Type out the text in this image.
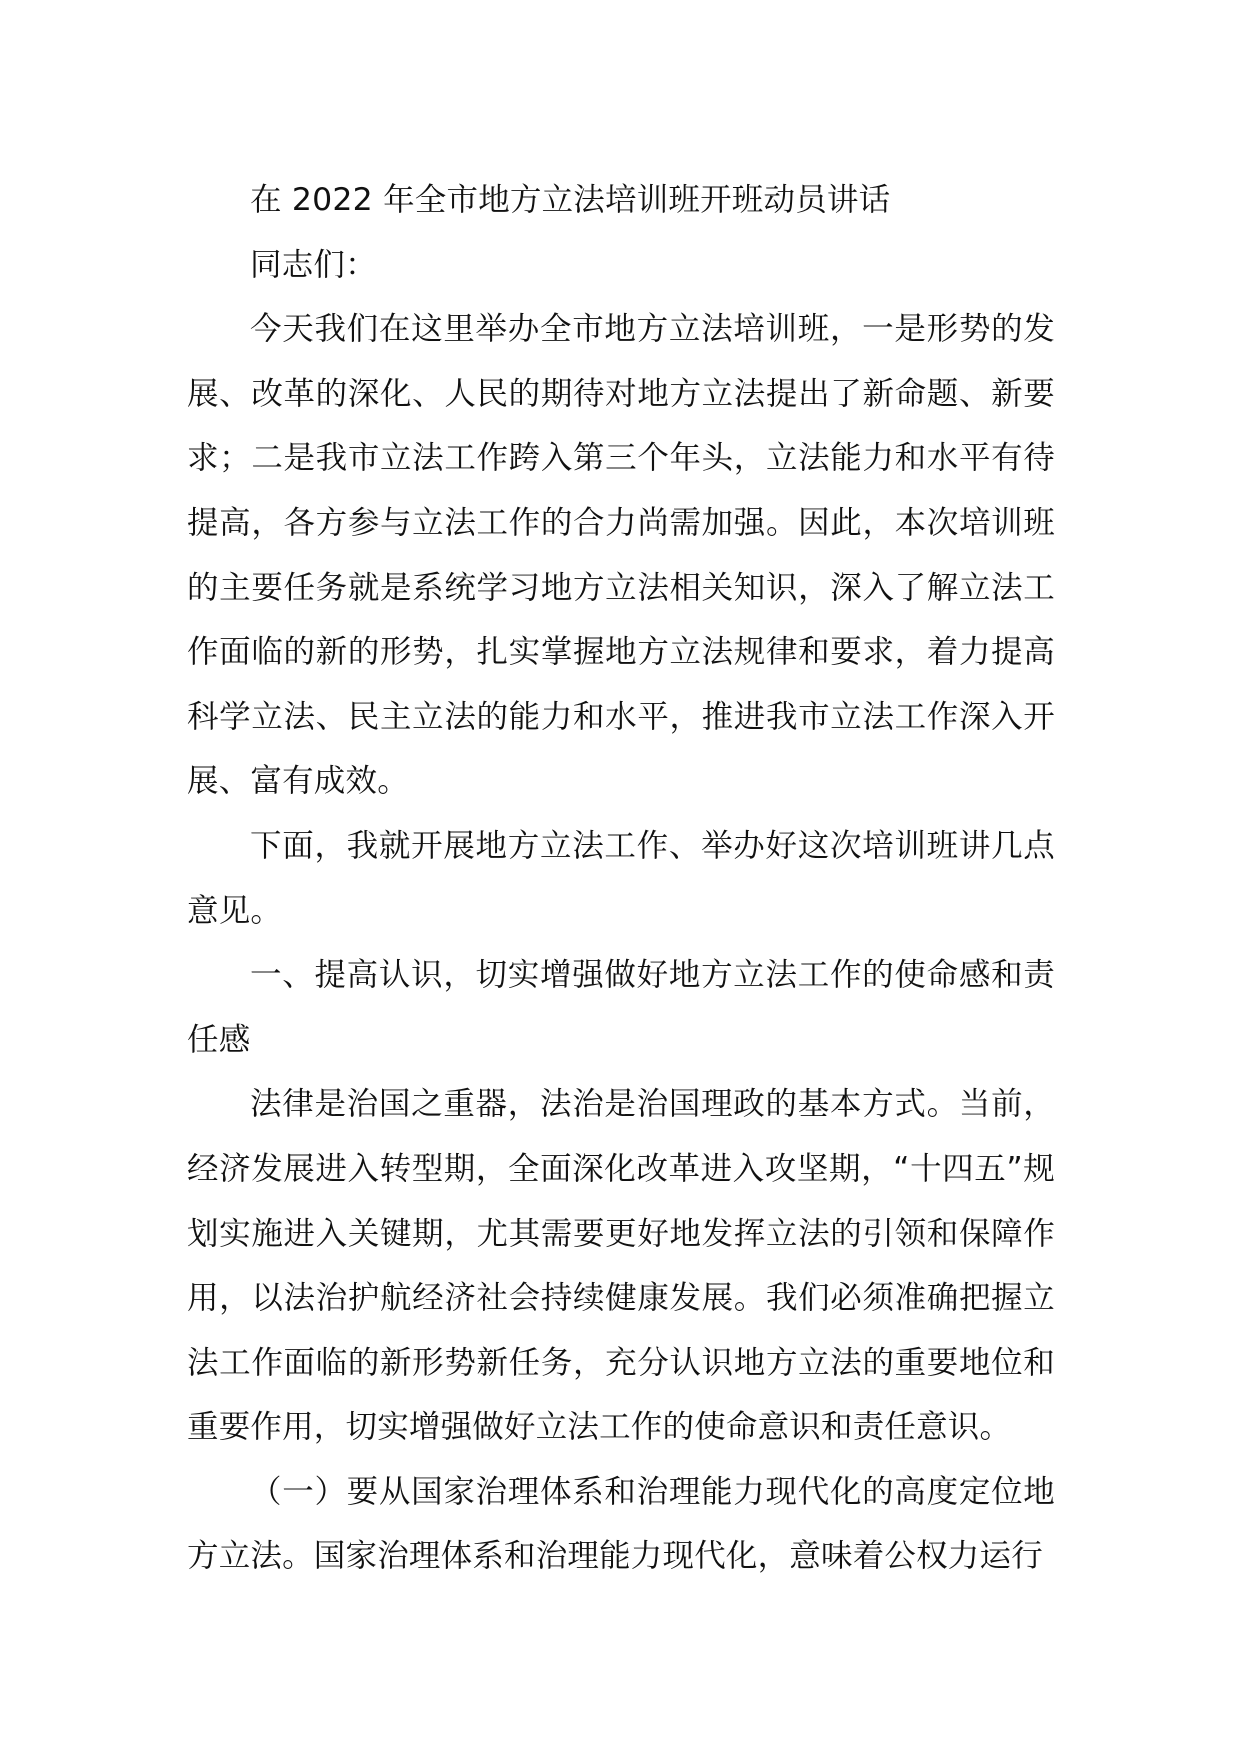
在 2022 年全市地方立法培训班开班动员讲话

同志们：

今天我们在这里举办全市地方立法培训班，一是形势的发展、改革的深化、人民的期待对地方立法提出了新命题、新要求；二是我市立法工作跨入第三个年头，立法能力和水平有待提高，各方参与立法工作的合力尚需加强。因此，本次培训班的主要任务就是系统学习地方立法相关知识，深入了解立法工作面临的新的形势，扎实掌握地方立法规律和要求，着力提高科学立法、民主立法的能力和水平，推进我市立法工作深入开展、富有成效。

下面，我就开展地方立法工作、举办好这次培训班讲几点意见。

一、提高认识，切实增强做好地方立法工作的使命感和责任感

法律是治国之重器，法治是治国理政的基本方式。当前，经济发展进入转型期，全面深化改革进入攻坚期，“十四五”规划实施进入关键期，尤其需要更好地发挥立法的引领和保障作用，以法治护航经济社会持续健康发展。我们必须准确把握立法工作面临的新形势新任务，充分认识地方立法的重要地位和重要作用，切实增强做好立法工作的使命意识和责任意识。

（一）要从国家治理体系和治理能力现代化的高度定位地方立法。国家治理体系和治理能力现代化，意味着公权力运行
